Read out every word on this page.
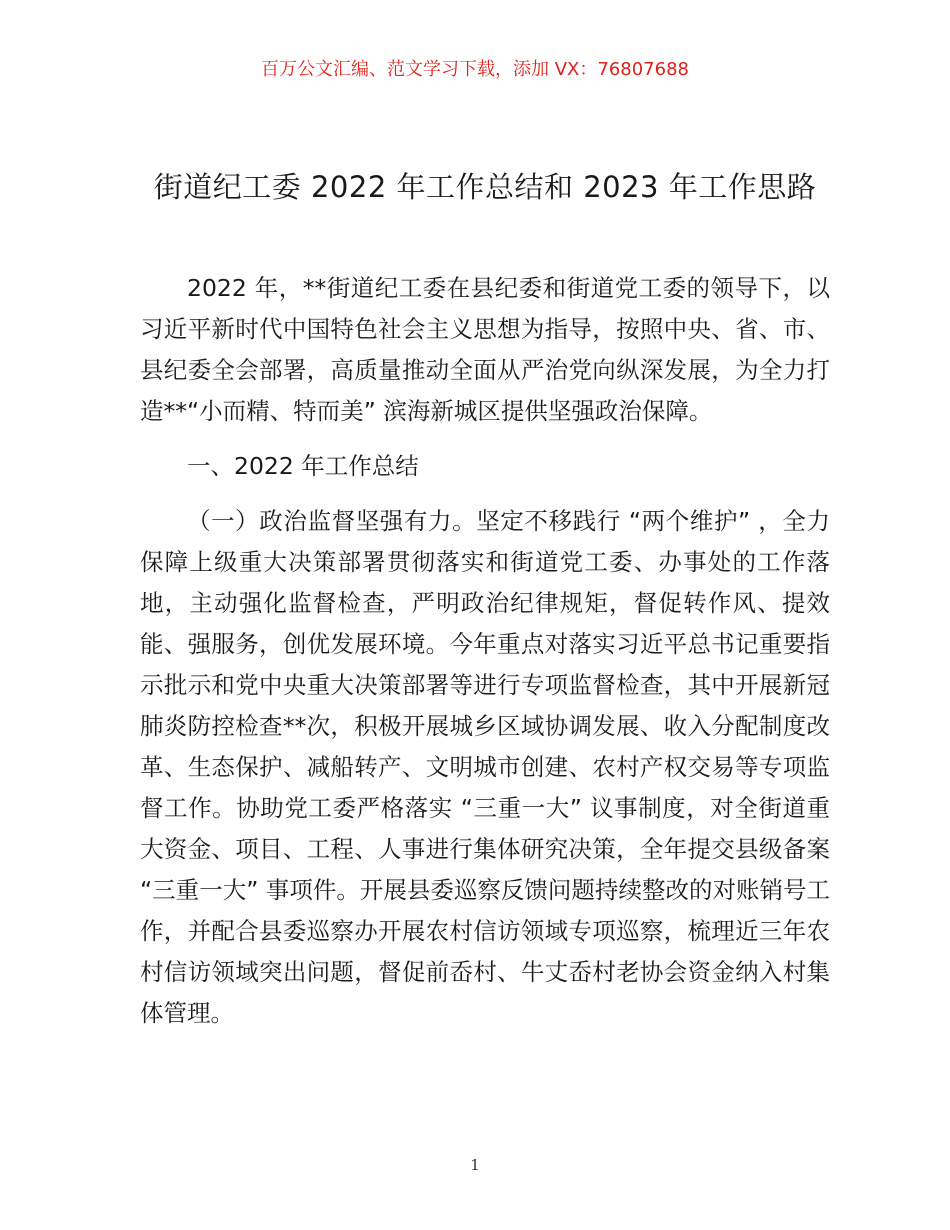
百万公文汇编、范文学习下载，添加 VX：76807688
街道纪工委 2022 年工作总结和 2023 年工作思路

2022 年，**街道纪工委在县纪委和街道党工委的领导下，以习近平新时代中国特色社会主义思想为指导，按照中央、省、市、县纪委全会部署，高质量推动全面从严治党向纵深发展，为全力打造**“小而精、特而美” 滨海新城区提供坚强政治保障。

一、2022 年工作总结

（一）政治监督坚强有力。坚定不移践行 “两个维护” ，全力保障上级重大决策部署贯彻落实和街道党工委、办事处的工作落地，主动强化监督检查，严明政治纪律规矩，督促转作风、提效能、强服务，创优发展环境。今年重点对落实习近平总书记重要指示批示和党中央重大决策部署等进行专项监督检查，其中开展新冠肺炎防控检查**次，积极开展城乡区域协调发展、收入分配制度改革、生态保护、减船转产、文明城市创建、农村产权交易等专项监督工作。协助党工委严格落实 “三重一大” 议事制度，对全街道重大资金、项目、工程、人事进行集体研究决策，全年提交县级备案 “三重一大” 事项件。开展县委巡察反馈问题持续整改的对账销号工作，并配合县委巡察办开展农村信访领域专项巡察，梳理近三年农村信访领域突出问题，督促前岙村、牛丈岙村老协会资金纳入村集体管理。

1
